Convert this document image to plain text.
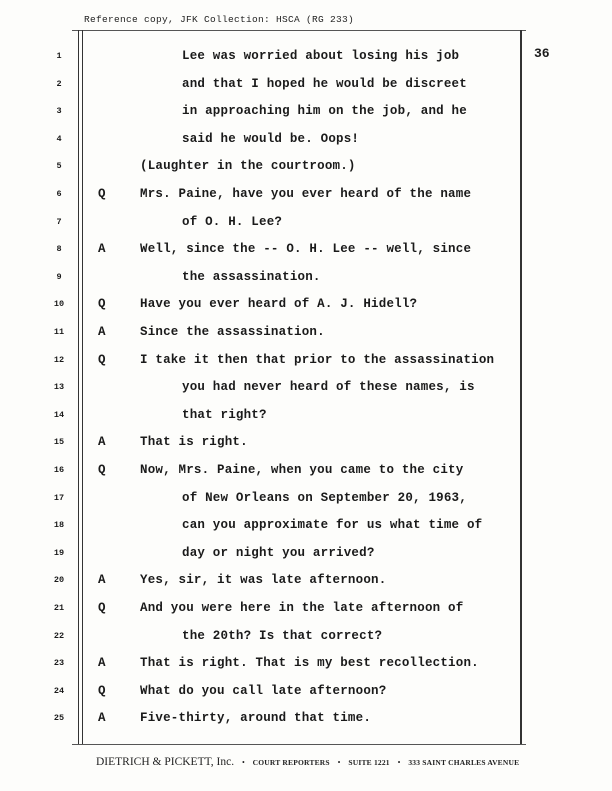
Reference copy, JFK Collection: HSCA (RG 233)
36
1	Lee was worried about losing his job
2	and that I hoped he would be discreet
3	in approaching him on the job, and he
4	said he would be. Oops!
5	(Laughter in the courtroom.)
6	Q	Mrs. Paine, have you ever heard of the name
7	of O. H. Lee?
8	A	Well, since the -- O. H. Lee -- well, since
9	the assassination.
10	Q	Have you ever heard of A. J. Hidell?
11	A	Since the assassination.
12	Q	I take it then that prior to the assassination
13	you had never heard of these names, is
14	that right?
15	A	That is right.
16	Q	Now, Mrs. Paine, when you came to the city
17	of New Orleans on September 20, 1963,
18	can you approximate for us what time of
19	day or night you arrived?
20	A	Yes, sir, it was late afternoon.
21	Q	And you were here in the late afternoon of
22	the 20th? Is that correct?
23	A	That is right. That is my best recollection.
24	Q	What do you call late afternoon?
25	A	Five-thirty, around that time.
DIETRICH & PICKETT, Inc. • COURT REPORTERS • SUITE 1221 • 333 SAINT CHARLES AVENUE
